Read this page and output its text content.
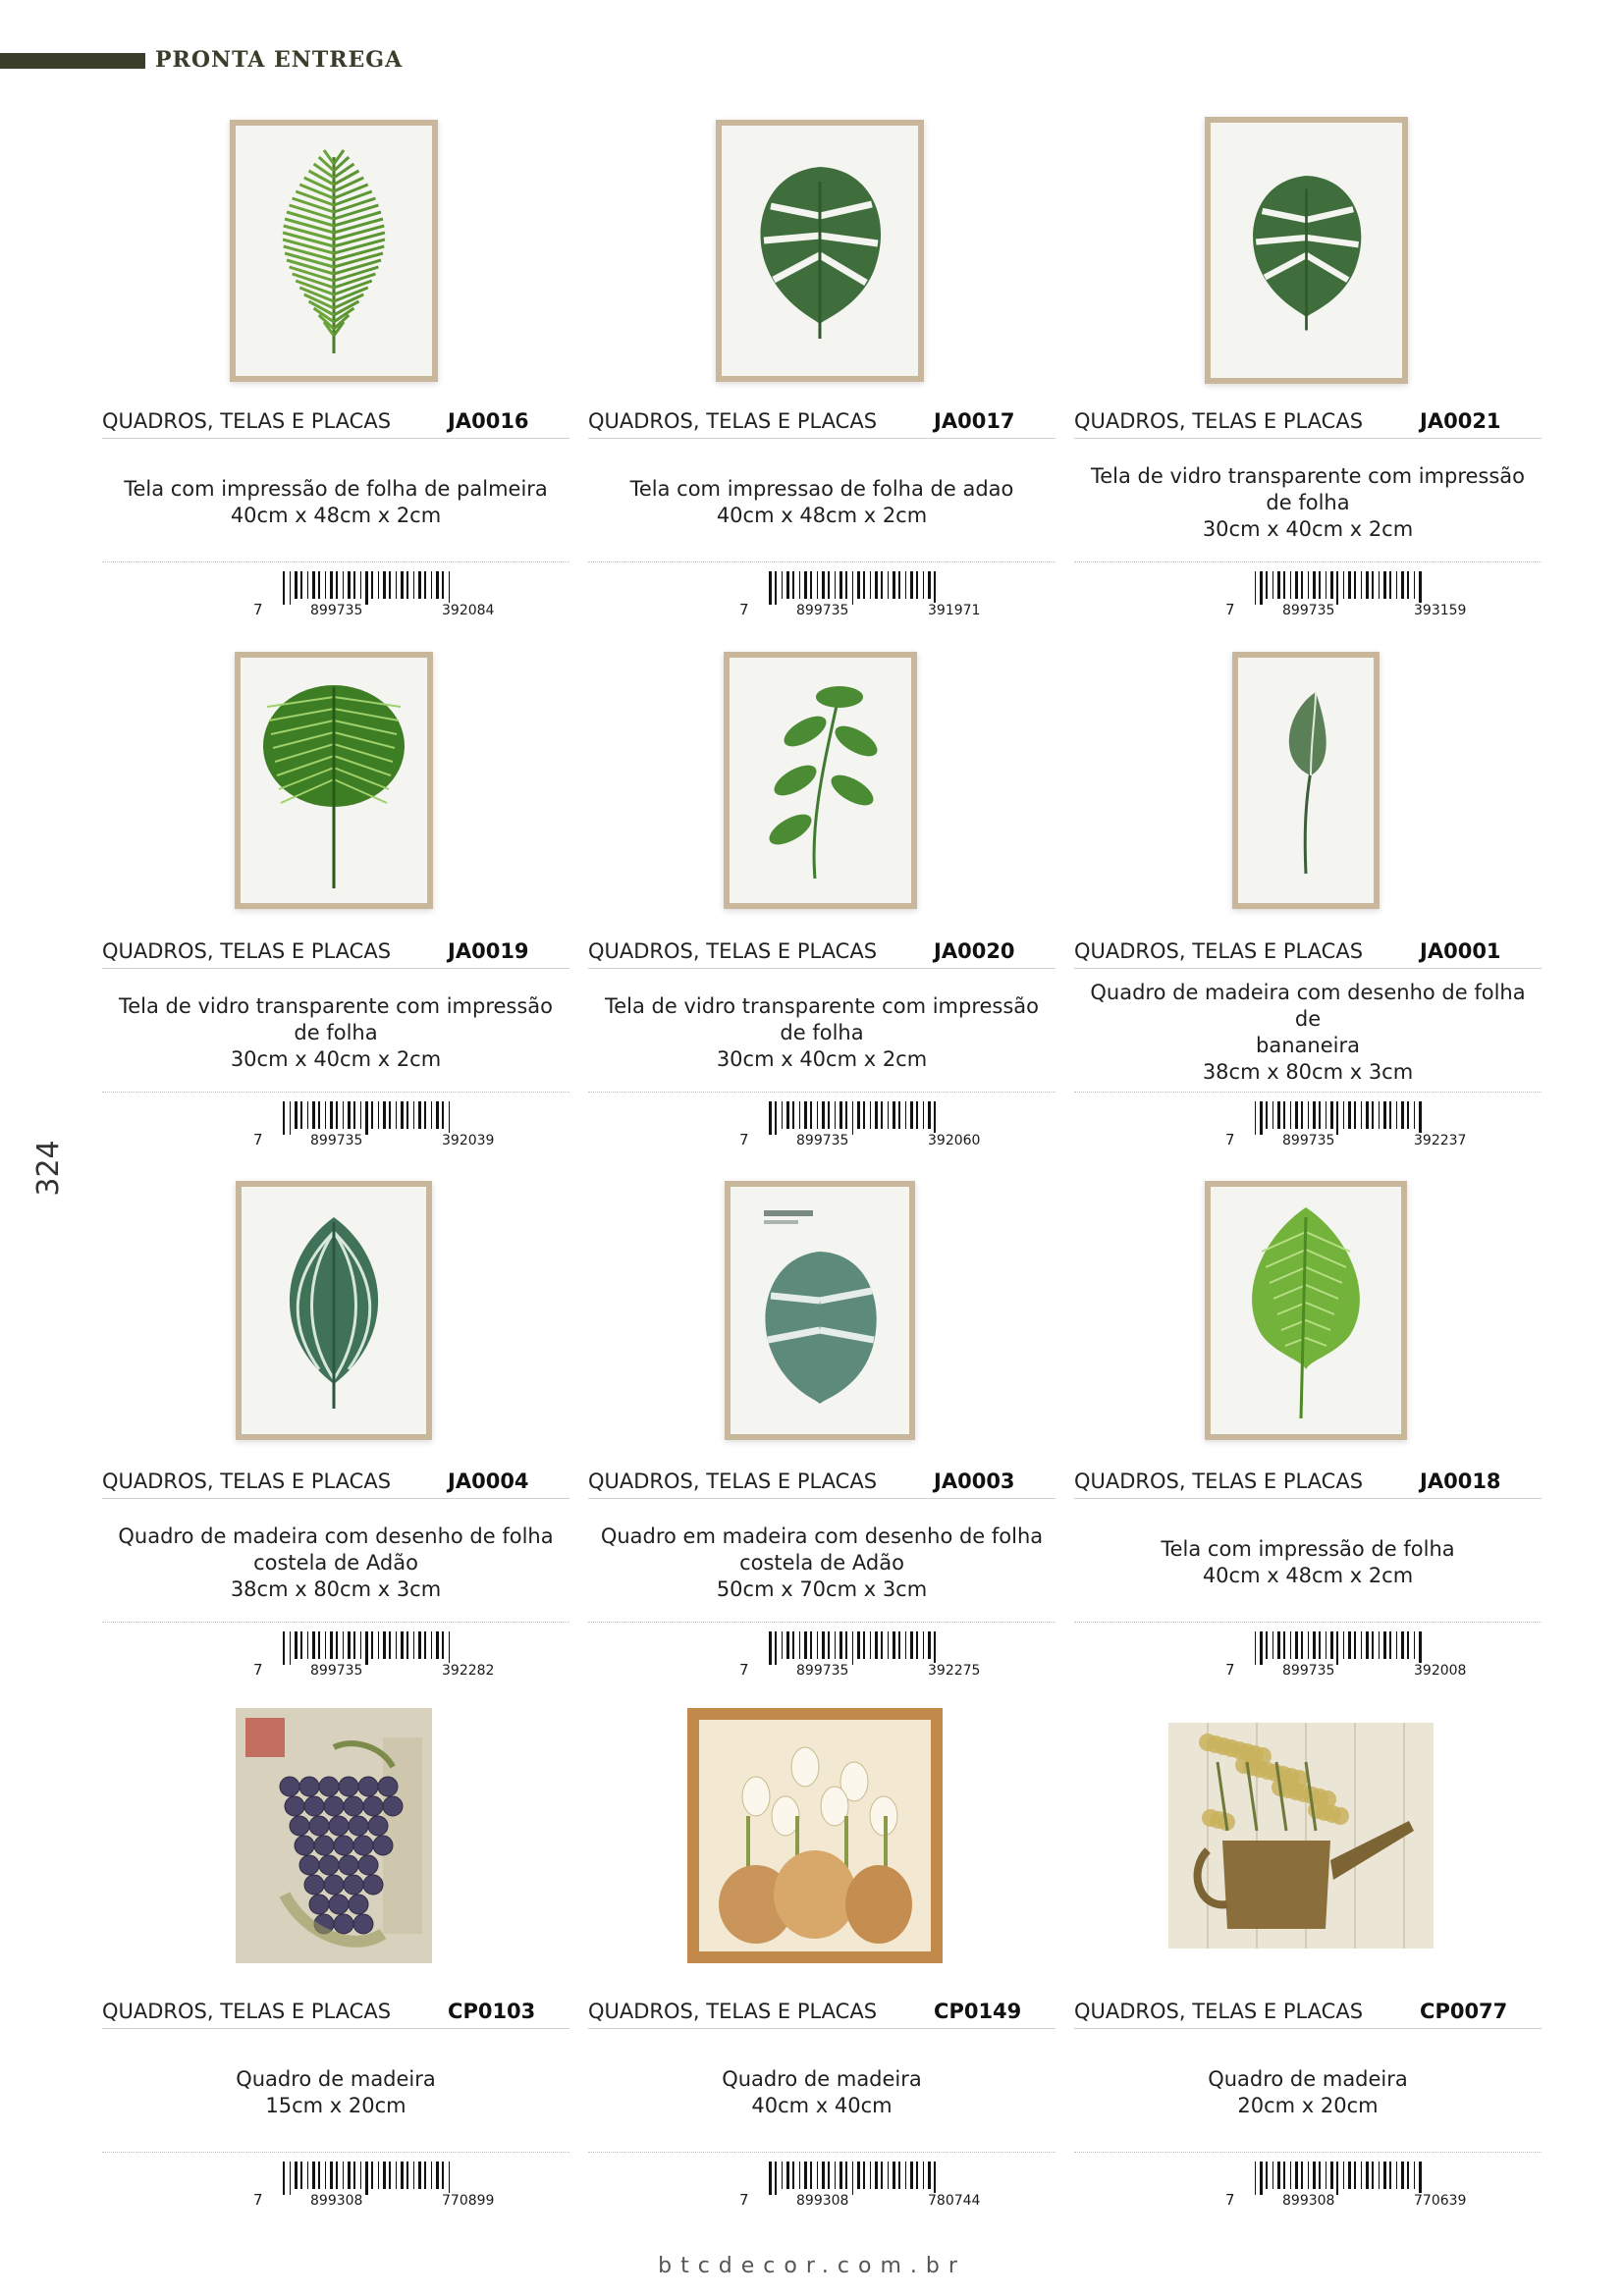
PRONTA ENTREGA
324
QUADROS, TELAS E PLACAS	JA0016
Tela com impressão de folha de palmeira
40cm x 48cm x 2cm
7	899735	392084
QUADROS, TELAS E PLACAS	JA0017
Tela com impressao de folha de adao
40cm x 48cm x 2cm
7	899735	391971
QUADROS, TELAS E PLACAS	JA0021
Tela de vidro transparente com impressão
de folha
30cm x 40cm x 2cm
7	899735	393159
QUADROS, TELAS E PLACAS	JA0019
Tela de vidro transparente com impressão
de folha
30cm x 40cm x 2cm
7	899735	392039
QUADROS, TELAS E PLACAS	JA0020
Tela de vidro transparente com impressão
de folha
30cm x 40cm x 2cm
7	899735	392060
QUADROS, TELAS E PLACAS	JA0001
Quadro de madeira com desenho de folha de
bananeira
38cm x 80cm x 3cm
7	899735	392237
QUADROS, TELAS E PLACAS	JA0004
Quadro de madeira com desenho de folha
costela de Adão
38cm x 80cm x 3cm
7	899735	392282
QUADROS, TELAS E PLACAS	JA0003
Quadro em madeira com desenho de folha
costela de Adão
50cm x 70cm x 3cm
7	899735	392275
QUADROS, TELAS E PLACAS	JA0018
Tela com impressão de folha
40cm x 48cm x 2cm
7	899735	392008
QUADROS, TELAS E PLACAS	CP0103
Quadro de madeira
15cm x 20cm
7	899308	770899
QUADROS, TELAS E PLACAS	CP0149
Quadro de madeira
40cm x 40cm
7	899308	780744
QUADROS, TELAS E PLACAS	CP0077
Quadro de madeira
20cm x 20cm
7	899308	770639
btcdecor.com.br
